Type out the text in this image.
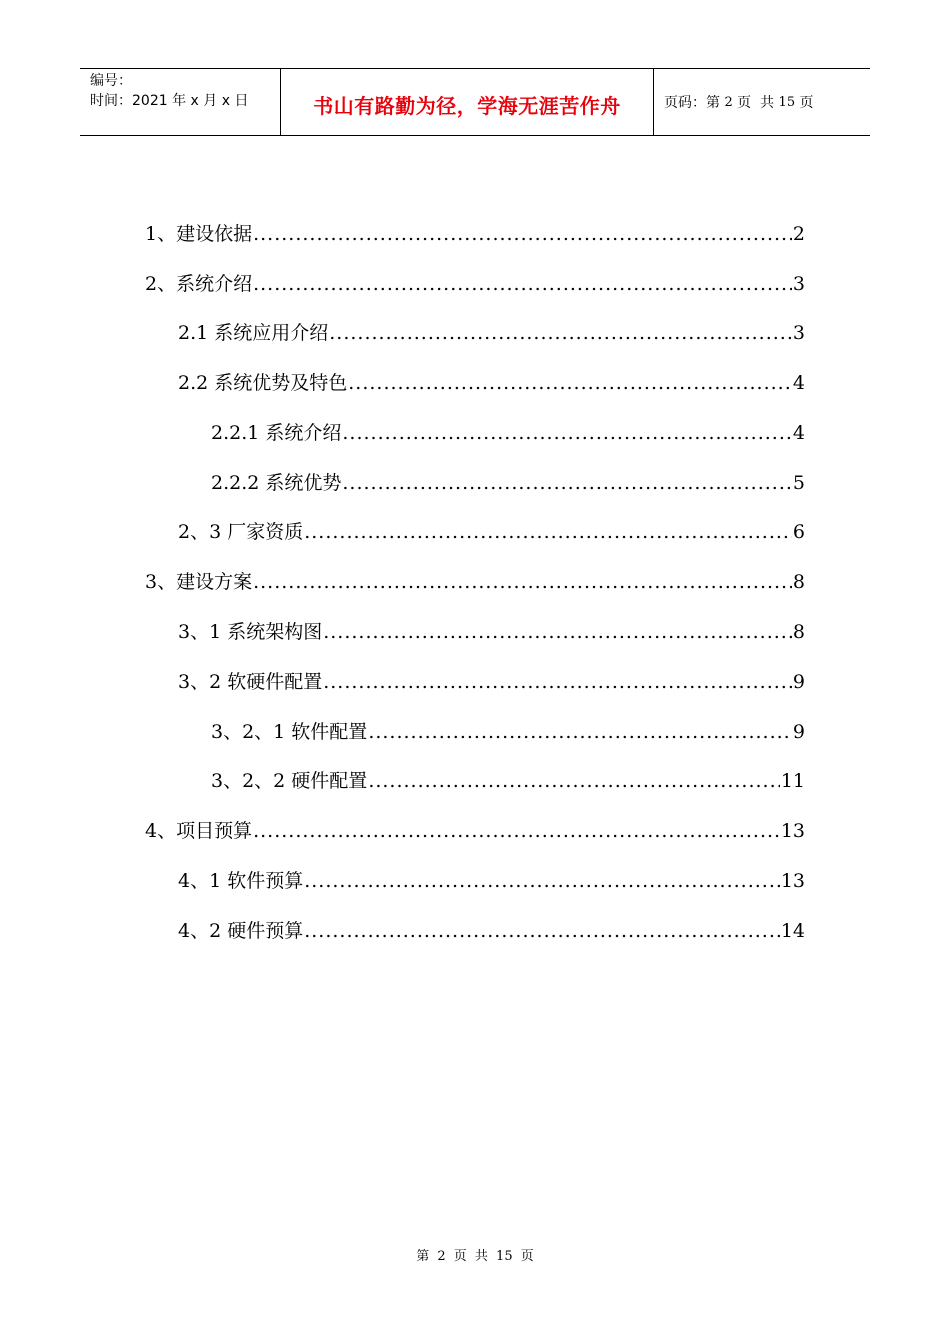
编号：
时间：2021 年 x 月 x 日	书山有路勤为径，学海无涯苦作舟	页码：第 2 页  共 15 页
1、建设依据 .....	2
2、系统介绍 .....	3
2.1 系统应用介绍 .....	3
2.2 系统优势及特色 .....	4
2.2.1 系统介绍 .....	4
2.2.2 系统优势 .....	5
2、3 厂家资质 .....	6
3、建设方案 .....	8
3、1 系统架构图 .....	8
3、2 软硬件配置 .....	9
3、2、1 软件配置 .....	9
3、2、2 硬件配置 .....	11
4、项目预算 .....	13
4、1 软件预算 .....	13
4、2 硬件预算 .....	14
第 2 页 共 15 页
